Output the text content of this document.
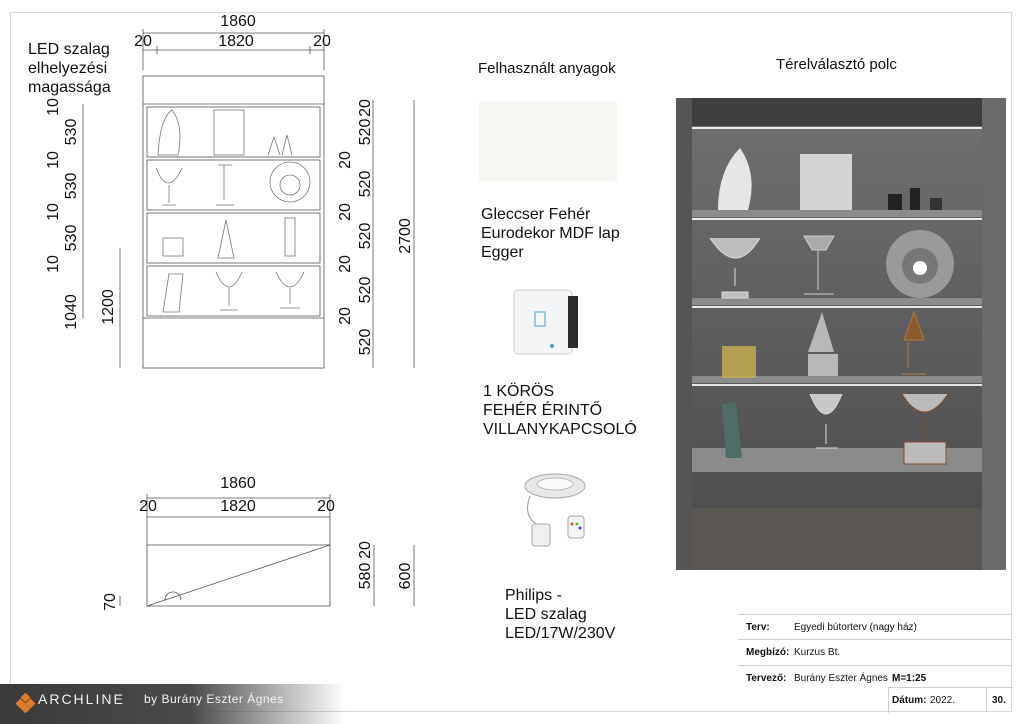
1860
1820
20	20
10
530
10
530
10
530
10
1040 1200
20
520
20
520
20
520
20
520
20
520
2700
1860
1820
20	20
20
580 600
70
LED szalag
elhelyezési
magassága
Felhasznált anyagok
Gleccser Fehér
Eurodekor MDF lap
Egger
1 KÖRÖS
FEHÉR ÉRINTŐ
VILLANYKAPCSOLÓ
Philips -
LED szalag
LED/17W/230V
Térelválasztó polc
Terv: Egyedi bútorterv (nagy ház)
Megbízó: Kurzus Bt.
Tervező: Burány Eszter Ágnes M=1:25
Dátum: 2022.	30.
ARCHLINE by Burány Eszter Ágnes
